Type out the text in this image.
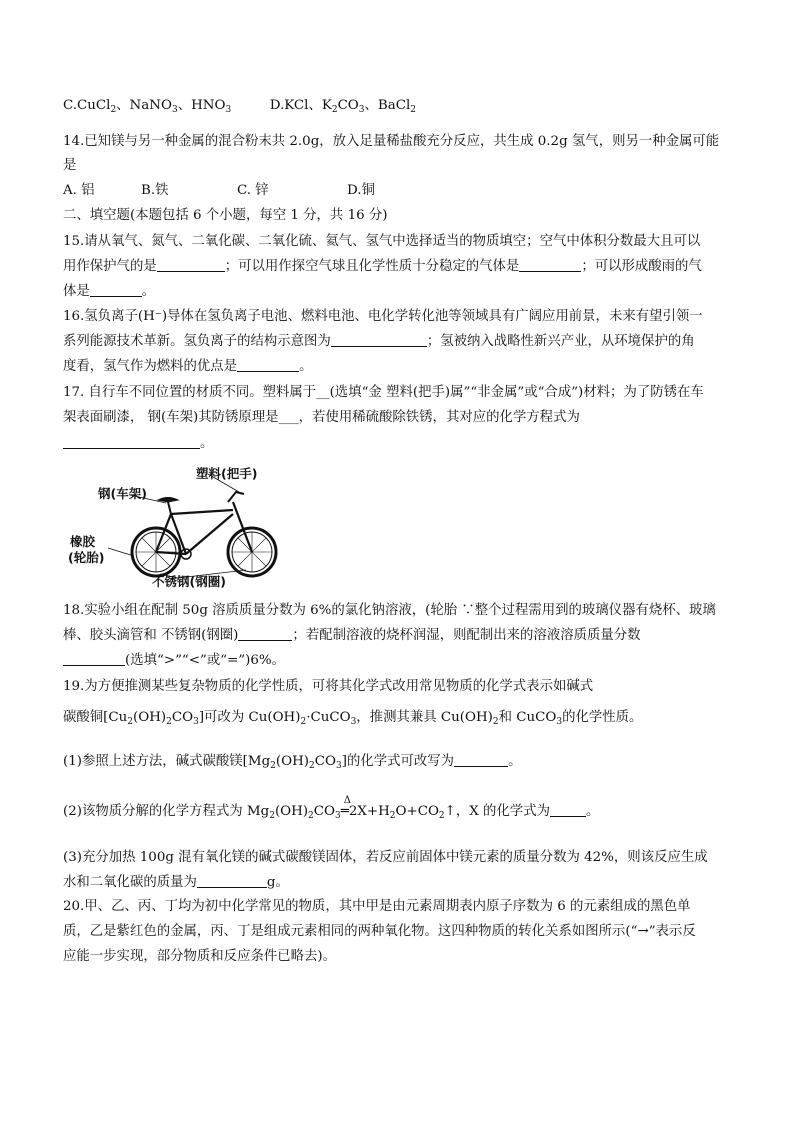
C.CuCl$_2$、NaNO$_3$、$HNO_3$	D.KCl、$K_2CO_3$、BaCl$_2$
14.已知镁与另一种金属的混合粉末共 2.0g，放入足量稀盐酸充分反应，共生成 0.2g 氢气，则另一种金属可能
是
A. 铝	B.铁	C. 锌	D.铜
二、填空题(本题包括 6 个小题，每空 1 分，共 16 分)
15.请从氧气、氮气、二氧化碳、二氧化硫、氦气、氢气中选择适当的物质填空；空气中体积分数最大且可以
用作保护气的是	；可以用作探空气球且化学性质十分稳定的气体是	；可以形成酸雨的气
体是	。
16.氢负离子(H⁻)导体在氢负离子电池、燃料电池、电化学转化池等领域具有广阔应用前景，未来有望引领一
系列能源技术革新。氢负离子的结构示意图为	；氢被纳入战略性新兴产业，从环境保护的角
度看，氢气作为燃料的优点是	。
17. 自行车不同位置的材质不同。塑料属于__(选填“金 塑料(把手)属”“非金属”或“合成”)材料；为了防锈在车
架表面刷漆， 钢(车架)其防锈原理是___，若使用稀硫酸除铁锈，其对应的化学方程式为
。
塑料(把手)
钢(车架)
橡胶
(轮胎)
不锈钢(钢圈)
18.实验小组在配制 50g 溶质质量分数为 6%的氯化钠溶液，(轮胎 ∵整个过程需用到的玻璃仪器有烧杯、玻璃
棒、胶头滴管和 不锈钢(钢圈)	；若配制溶液的烧杯润湿，则配制出来的溶液溶质质量分数
(选填“>”“<”或“=”)6%。
19.为方便推测某些复杂物质的化学性质，可将其化学式改用常见物质的化学式表示如碱式
碳酸铜$[Cu_2(OH)_2CO_3]$可改为 $Cu(OH)_2\cdot CuCO_3$，推测其兼具 $Cu(OH)_2$和 CuCO$_3$的化学性质。
(1)参照上述方法，碱式碳酸镁$[Mg_2(OH)_2CO_3]$的化学式可改写为	。
(2)该物质分解的化学方程式为 $Mg_2(OH)_2CO_3$
Δ
$═2X+H_2O+CO_2↑$，X 的化学式为	。
(3)充分加热 100g 混有氧化镁的碱式碳酸镁固体，若反应前固体中镁元素的质量分数为 42%，则该反应生成
水和二氧化碳的质量为	g。
20.甲、乙、丙、丁均为初中化学常见的物质，其中甲是由元素周期表内原子序数为 6 的元素组成的黑色单
质，乙是紫红色的金属，丙、丁是组成元素相同的两种氧化物。这四种物质的转化关系如图所示(“→”表示反
应能一步实现，部分物质和反应条件已略去)。
